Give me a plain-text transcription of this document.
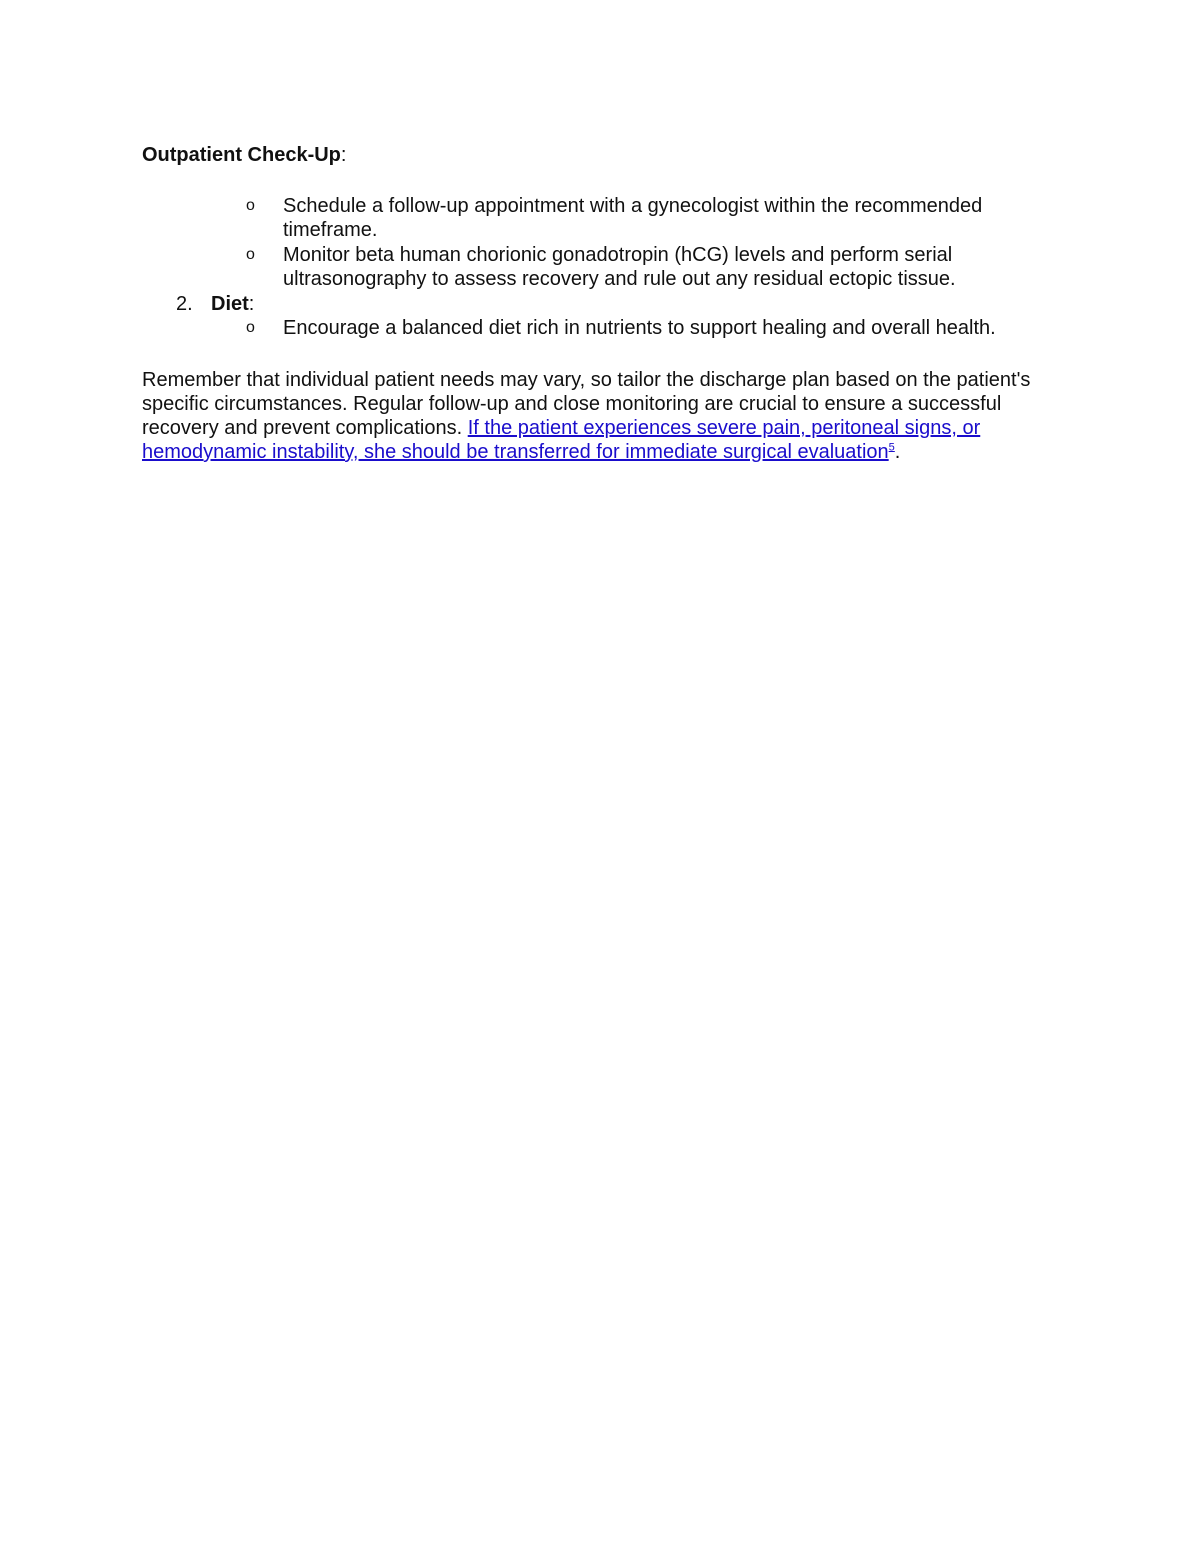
Outpatient Check-Up:
o Schedule a follow-up appointment with a gynecologist within the recommended
timeframe.
o Monitor beta human chorionic gonadotropin (hCG) levels and perform serial
ultrasonography to assess recovery and rule out any residual ectopic tissue.
2. Diet:
o Encourage a balanced diet rich in nutrients to support healing and overall health.
Remember that individual patient needs may vary, so tailor the discharge plan based on the patient's
specific circumstances. Regular follow-up and close monitoring are crucial to ensure a successful
recovery and prevent complications. If the patient experiences severe pain, peritoneal signs, or
hemodynamic instability, she should be transferred for immediate surgical evaluation$^5$.
